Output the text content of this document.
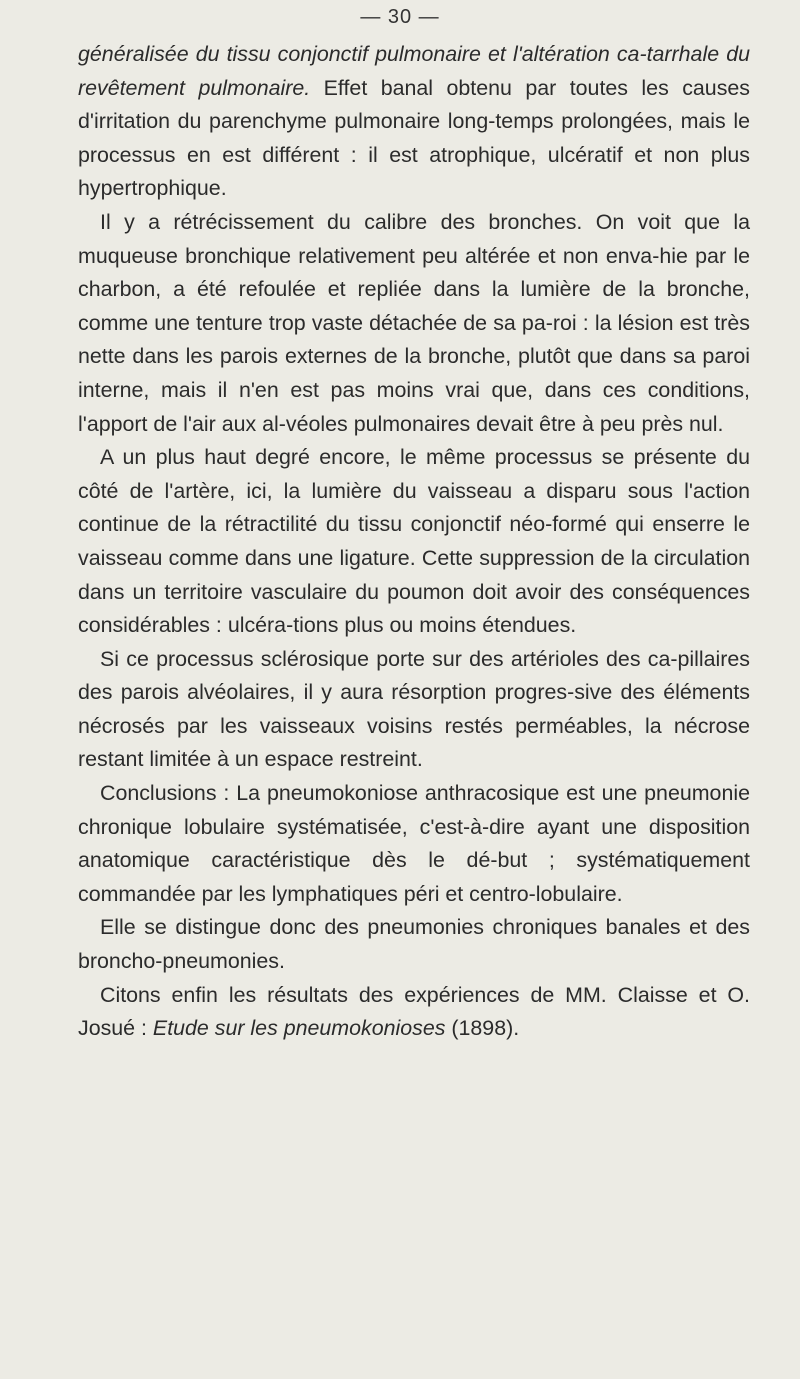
— 30 —

généralisée du tissu conjonctif pulmonaire et l'altération ca-tarrhale du revêtement pulmonaire. Effet banal obtenu par toutes les causes d'irritation du parenchyme pulmonaire long-temps prolongées, mais le processus en est différent : il est atrophique, ulcératif et non plus hypertrophique.

Il y a rétrécissement du calibre des bronches. On voit que la muqueuse bronchique relativement peu altérée et non enva-hie par le charbon, a été refoulée et repliée dans la lumière de la bronche, comme une tenture trop vaste détachée de sa pa-roi : la lésion est très nette dans les parois externes de la bronche, plutôt que dans sa paroi interne, mais il n'en est pas moins vrai que, dans ces conditions, l'apport de l'air aux al-véoles pulmonaires devait être à peu près nul.

A un plus haut degré encore, le même processus se présente du côté de l'artère, ici, la lumière du vaisseau a disparu sous l'action continue de la rétractilité du tissu conjonctif néo-formé qui enserre le vaisseau comme dans une ligature. Cette suppression de la circulation dans un territoire vasculaire du poumon doit avoir des conséquences considérables : ulcéra-tions plus ou moins étendues.

Si ce processus sclérosique porte sur des artérioles des ca-pillaires des parois alvéolaires, il y aura résorption progres-sive des éléments nécrosés par les vaisseaux voisins restés perméables, la nécrose restant limitée à un espace restreint.

Conclusions : La pneumokoniose anthracosique est une pneumonie chronique lobulaire systématisée, c'est-à-dire ayant une disposition anatomique caractéristique dès le dé-but ; systématiquement commandée par les lymphatiques péri et centro-lobulaire.

Elle se distingue donc des pneumonies chroniques banales et des broncho-pneumonies.

Citons enfin les résultats des expériences de MM. Claisse et O. Josué : Etude sur les pneumokonioses (1898).
